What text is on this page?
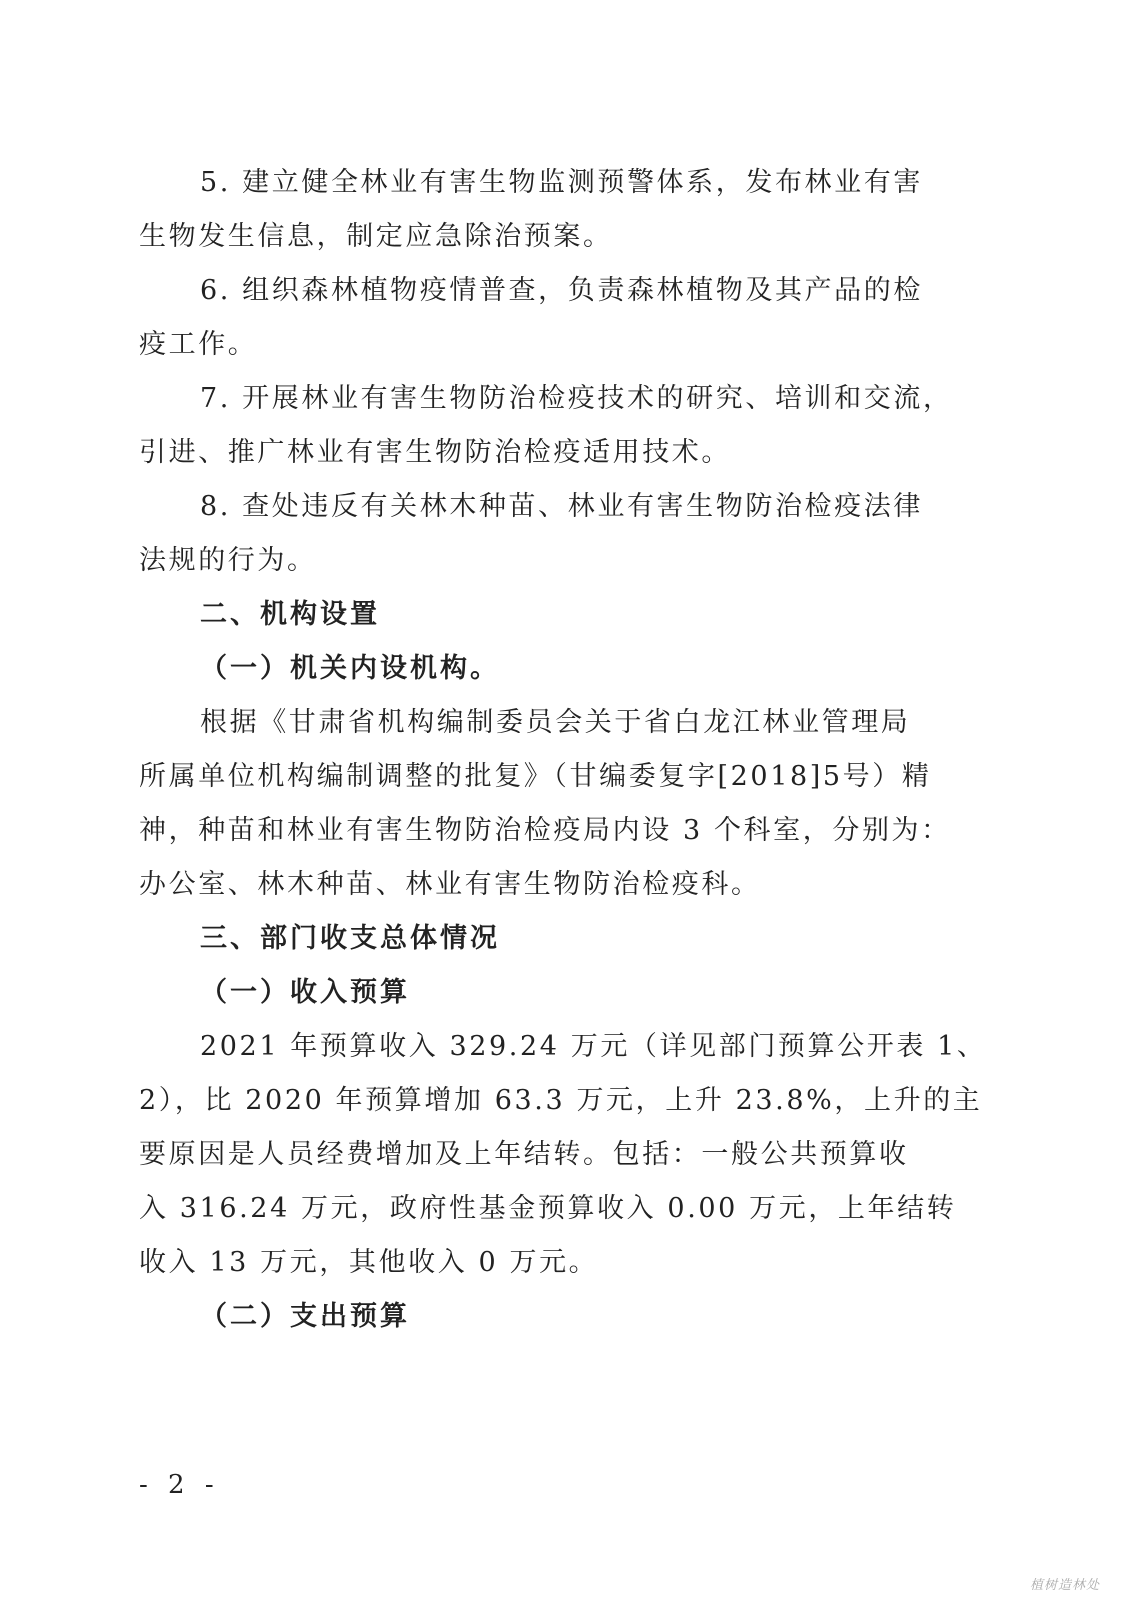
5. 建立健全林业有害生物监测预警体系，发布林业有害
生物发生信息，制定应急除治预案。
6. 组织森林植物疫情普查，负责森林植物及其产品的检
疫工作。
7. 开展林业有害生物防治检疫技术的研究、培训和交流，
引进、推广林业有害生物防治检疫适用技术。
8. 查处违反有关林木种苗、林业有害生物防治检疫法律
法规的行为。
二、机构设置
（一）机关内设机构。
根据《甘肃省机构编制委员会关于省白龙江林业管理局
所属单位机构编制调整的批复》（甘编委复字[2018]5号）精
神，种苗和林业有害生物防治检疫局内设 3 个科室，分别为：
办公室、林木种苗、林业有害生物防治检疫科。
三、部门收支总体情况
（一）收入预算
2021 年预算收入 329.24 万元（详见部门预算公开表 1、
2），比 2020 年预算增加 63.3 万元，上升 23.8%，上升的主
要原因是人员经费增加及上年结转。包括：一般公共预算收
入 316.24 万元，政府性基金预算收入 0.00 万元，上年结转
收入 13 万元，其他收入 0 万元。
（二）支出预算
- 2 -
植树造林处
